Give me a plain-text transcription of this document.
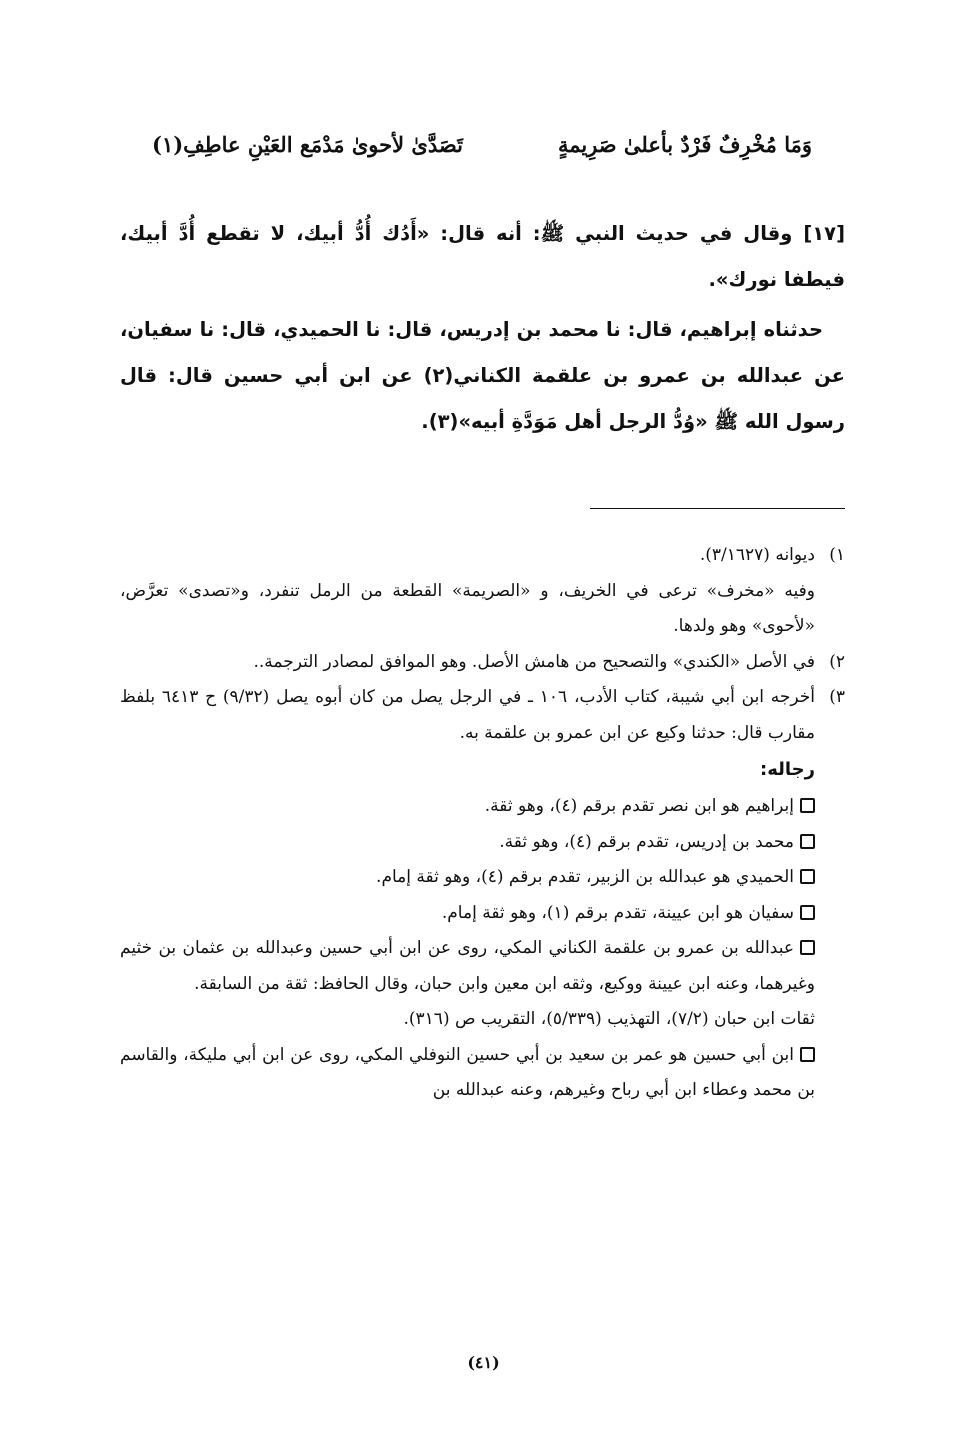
وَمَا مُخْرِفٌ فَرْدٌ بأعلىٰ صَرِيمةٍ
تَصَدَّىٰ لأحوىٰ مَدْمَع العَيْنِ عاطِفِ(١)

[١٧] وقال في حديث النبي ﷺ: أنه قال: «أَدُك أُدُّ أبيك، لا تقطع أُدَّ أبيك، فيطفا نورك».

حدثناه إبراهيم، قال: نا محمد بن إدريس، قال: نا الحميدي، قال: نا سفيان، عن عبدالله بن عمرو بن علقمة الكناني(٢) عن ابن أبي حسين قال: قال رسول الله ﷺ «وُدُّ الرجل أهل مَوَدَّةِ أبيه»(٣).

١)
ديوانه (٣/١٦٢٧).

وفيه «مخرف» ترعى في الخريف، و «الصريمة» القطعة من الرمل تنفرد، و«تصدى» تعرَّض، «لأحوى» وهو ولدها.

٢)
في الأصل «الكندي» والتصحيح من هامش الأصل. وهو الموافق لمصادر الترجمة..
٣)
أخرجه ابن أبي شيبة، كتاب الأدب، ١٠٦ ـ في الرجل يصل من كان أبوه يصل (٩/٣٢) ح ٦٤١٣ بلفظ مقارب قال: حدثنا وكيع عن ابن عمرو بن علقمة به.
رجاله:

إبراهيم هو ابن نصر تقدم برقم (٤)، وهو ثقة.

محمد بن إدريس، تقدم برقم (٤)، وهو ثقة.

الحميدي هو عبدالله بن الزبير، تقدم برقم (٤)، وهو ثقة إمام.

سفيان هو ابن عيينة، تقدم برقم (١)، وهو ثقة إمام.

عبدالله بن عمرو بن علقمة الكناني المكي، روى عن ابن أبي حسين وعبدالله بن عثمان بن خثيم وغيرهما، وعنه ابن عيينة ووكيع، وثقه ابن معين وابن حبان، وقال الحافظ: ثقة من السابقة.

ثقات ابن حبان (٧/٢)، التهذيب (٥/٣٣٩)، التقريب ص (٣١٦).

ابن أبي حسين هو عمر بن سعيد بن أبي حسين النوفلي المكي، روى عن ابن أبي مليكة، والقاسم بن محمد وعطاء ابن أبي رباح وغيرهم، وعنه عبدالله بن

(٤١)
